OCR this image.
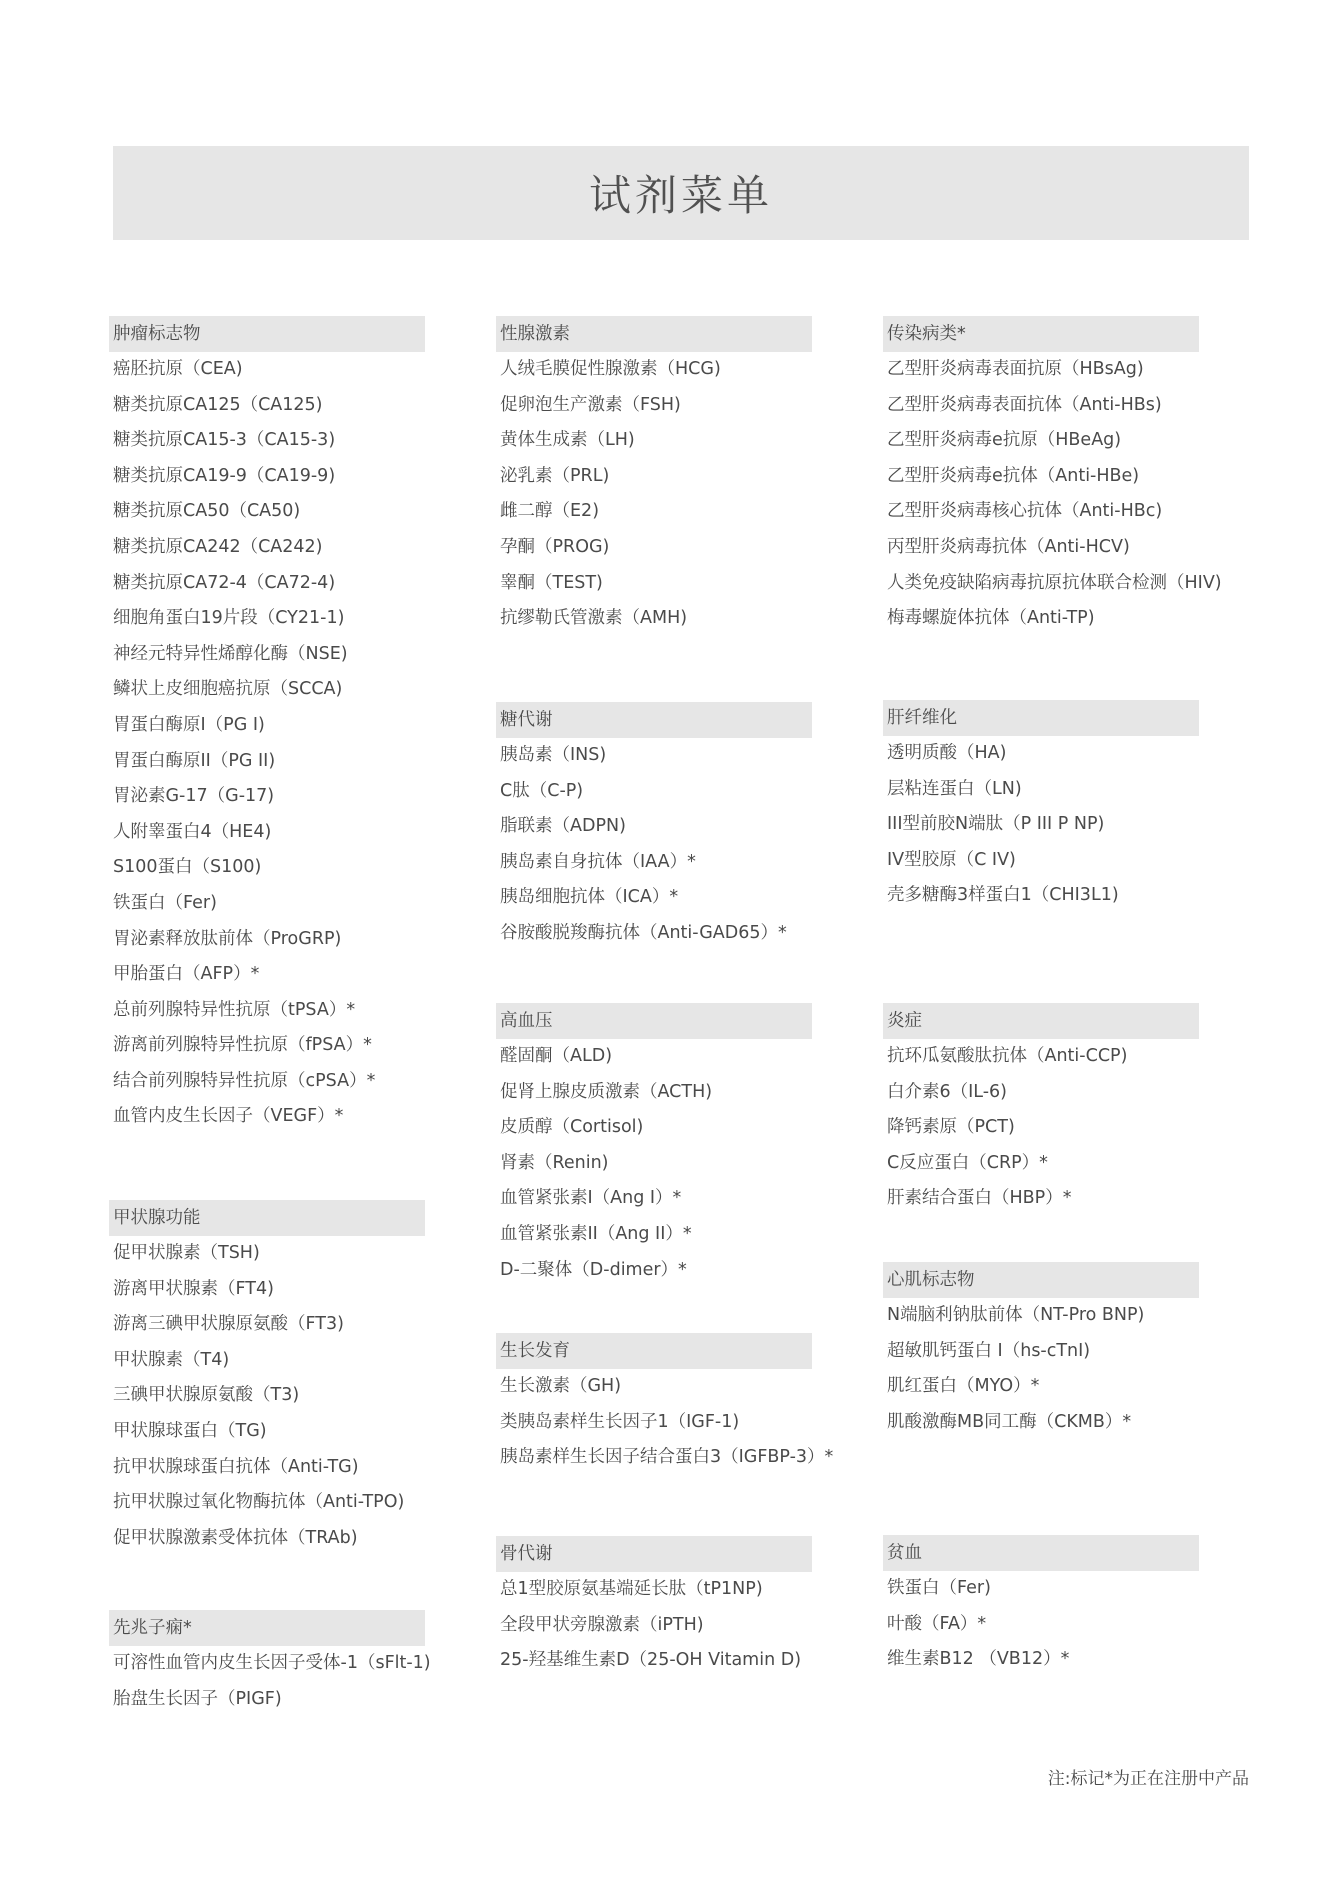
试剂菜单
肿瘤标志物
癌胚抗原（CEA)
糖类抗原CA125（CA125)
糖类抗原CA15-3（CA15-3)
糖类抗原CA19-9（CA19-9)
糖类抗原CA50（CA50)
糖类抗原CA242（CA242)
糖类抗原CA72-4（CA72-4)
细胞角蛋白19片段（CY21-1)
神经元特异性烯醇化酶（NSE)
鳞状上皮细胞癌抗原（SCCA)
胃蛋白酶原I（PG I)
胃蛋白酶原II（PG II)
胃泌素G-17（G-17)
人附睾蛋白4（HE4)
S100蛋白（S100)
铁蛋白（Fer)
胃泌素释放肽前体（ProGRP)
甲胎蛋白（AFP）*
总前列腺特异性抗原（tPSA）*
游离前列腺特异性抗原（fPSA）*
结合前列腺特异性抗原（cPSA）*
血管内皮生长因子（VEGF）*
甲状腺功能
促甲状腺素（TSH)
游离甲状腺素（FT4)
游离三碘甲状腺原氨酸（FT3)
甲状腺素（T4)
三碘甲状腺原氨酸（T3)
甲状腺球蛋白（TG)
抗甲状腺球蛋白抗体（Anti-TG)
抗甲状腺过氧化物酶抗体（Anti-TPO)
促甲状腺激素受体抗体（TRAb)
先兆子痫*
可溶性血管内皮生长因子受体-1（sFlt-1)
胎盘生长因子（PIGF)
性腺激素
人绒毛膜促性腺激素（HCG)
促卵泡生产激素（FSH)
黄体生成素（LH)
泌乳素（PRL)
雌二醇（E2)
孕酮（PROG)
睾酮（TEST)
抗缪勒氏管激素（AMH)
糖代谢
胰岛素（INS)
C肽（C-P)
脂联素（ADPN)
胰岛素自身抗体（IAA）*
胰岛细胞抗体（ICA）*
谷胺酸脱羧酶抗体（Anti-GAD65）*
高血压
醛固酮（ALD)
促肾上腺皮质激素（ACTH)
皮质醇（Cortisol)
肾素（Renin)
血管紧张素I（Ang I）*
血管紧张素II（Ang II）*
D-二聚体（D-dimer）*
生长发育
生长激素（GH)
类胰岛素样生长因子1（IGF-1)
胰岛素样生长因子结合蛋白3（IGFBP-3）*
骨代谢
总1型胶原氨基端延长肽（tP1NP)
全段甲状旁腺激素（iPTH)
25-羟基维生素D（25-OH Vitamin D)
传染病类*
乙型肝炎病毒表面抗原（HBsAg)
乙型肝炎病毒表面抗体（Anti-HBs)
乙型肝炎病毒e抗原（HBeAg)
乙型肝炎病毒e抗体（Anti-HBe)
乙型肝炎病毒核心抗体（Anti-HBc)
丙型肝炎病毒抗体（Anti-HCV)
人类免疫缺陷病毒抗原抗体联合检测（HIV)
梅毒螺旋体抗体（Anti-TP)
肝纤维化
透明质酸（HA)
层粘连蛋白（LN)
III型前胶N端肽（P III P NP)
IV型胶原（C IV)
壳多糖酶3样蛋白1（CHI3L1)
炎症
抗环瓜氨酸肽抗体（Anti-CCP)
白介素6（IL-6)
降钙素原（PCT)
C反应蛋白（CRP）*
肝素结合蛋白（HBP）*
心肌标志物
N端脑利钠肽前体（NT-Pro BNP)
超敏肌钙蛋白 I（hs-cTnI)
肌红蛋白（MYO）*
肌酸激酶MB同工酶（CKMB）*
贫血
铁蛋白（Fer)
叶酸（FA）*
维生素B12 （VB12）*
注:标记*为正在注册中产品
